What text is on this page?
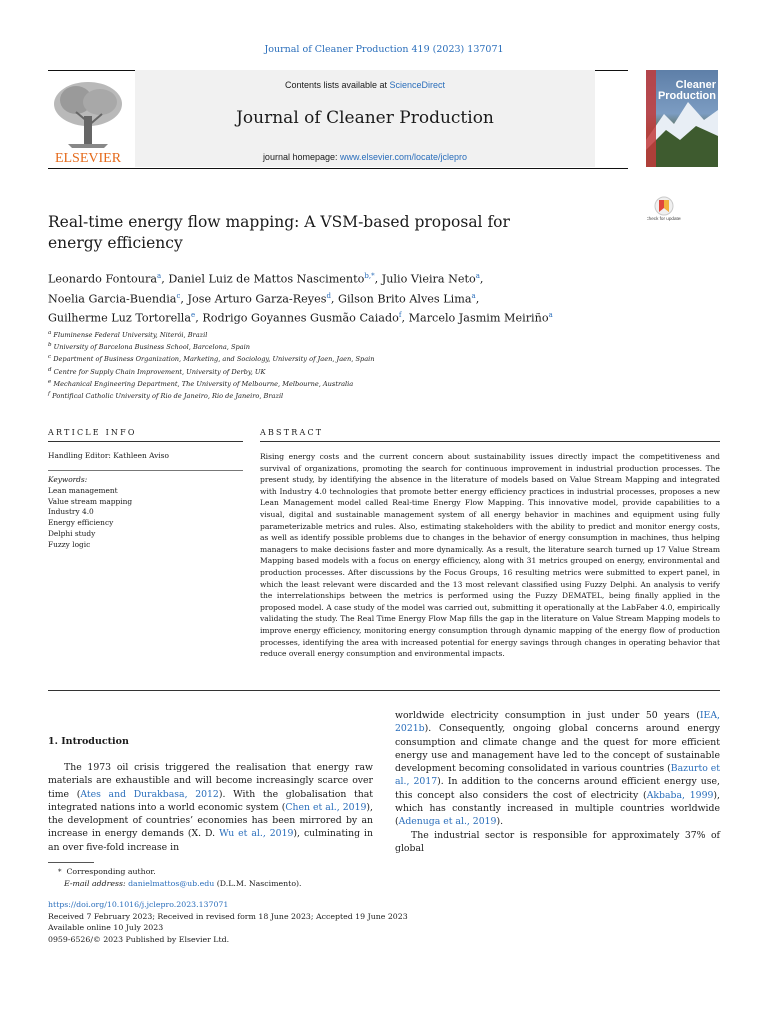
Journal of Cleaner Production 419 (2023) 137071
ELSEVIER
Contents lists available at ScienceDirect
Journal of Cleaner Production
journal homepage: www.elsevier.com/locate/jclepro
Cleaner Production
Check for updates
Real-time energy flow mapping: A VSM-based proposal for energy efficiency
Leonardo Fontoura$^a$, Daniel Luiz de Mattos Nascimento$^{b,*}$, Julio Vieira Neto$^a$,
Noelia Garcia-Buendia$^c$, Jose Arturo Garza-Reyes$^d$, Gilson Brito Alves Lima$^a$,
Guilherme Luz Tortorella$^e$, Rodrigo Goyannes Gusmão Caiado$^f$, Marcelo Jasmim Meiriño$^a$
$^a$ Fluminense Federal University, Niterói, Brazil
$^b$ University of Barcelona Business School, Barcelona, Spain
$^c$ Department of Business Organization, Marketing, and Sociology, University of Jaen, Jaen, Spain
$^d$ Centre for Supply Chain Improvement, University of Derby, UK
$^e$ Mechanical Engineering Department, The University of Melbourne, Melbourne, Australia
$^f$ Pontifical Catholic University of Rio de Janeiro, Rio de Janeiro, Brazil
ARTICLE INFO	ABSTRACT
Handling Editor: Kathleen Aviso
Keywords:
Lean management
Value stream mapping
Industry 4.0
Energy efficiency
Delphi study
Fuzzy logic
Rising energy costs and the current concern about sustainability issues directly impact the competitiveness and survival of organizations, promoting the search for continuous improvement in industrial production processes. The present study, by identifying the absence in the literature of models based on Value Stream Mapping and integrated with Industry 4.0 technologies that promote better energy efficiency practices in industrial processes, proposes a new Lean Management model called Real-time Energy Flow Mapping. This innovative model, provide capabilities to a visual, digital and sustainable management system of all energy behavior in machines and equipment using fully parameterizable metrics and rules. Also, estimating stakeholders with the ability to predict and monitor energy costs, as well as identify possible problems due to changes in the behavior of energy consumption in machines, thus helping managers to make decisions faster and more dynamically. As a result, the literature search turned up 17 Value Stream Mapping based models with a focus on energy efficiency, along with 31 metrics grouped on energy, environmental and production processes. After discussions by the Focus Groups, 16 resulting metrics were submitted to expert panel, in which the least relevant were discarded and the 13 most relevant classified using Fuzzy Delphi. An analysis to verify the interrelationships between the metrics is performed using the Fuzzy DEMATEL, being finally applied in the proposed model. A case study of the model was carried out, submitting it operationally at the LabFaber 4.0, empirically validating the study. The Real Time Energy Flow Map fills the gap in the literature on Value Stream Mapping models to improve energy efficiency, monitoring energy consumption through dynamic mapping of the energy flow of production processes, identifying the area with increased potential for energy savings through changes in operating behavior that reduce overall energy consumption and environmental impacts.
1. Introduction

The 1973 oil crisis triggered the realisation that energy raw materials are exhaustible and will become increasingly scarce over time (Ates and Durakbasa, 2012). With the globalisation that integrated nations into a world economic system (Chen et al., 2019), the development of countries’ economies has been mirrored by an increase in energy demands (X. D. Wu et al., 2019), culminating in an over five-fold increase in

worldwide electricity consumption in just under 50 years (IEA, 2021b). Consequently, ongoing global concerns around energy consumption and climate change and the quest for more efficient energy use and management have led to the concept of sustainable development becoming consolidated in various countries (Bazurto et al., 2017). In addition to the concerns around efficient energy use, this concept also considers the cost of electricity (Akbaba, 1999), which has constantly increased in multiple countries worldwide (Adenuga et al., 2019).

The industrial sector is responsible for approximately 37% of global

* Corresponding author.
E-mail address: danielmattos@ub.edu (D.L.M. Nascimento).
https://doi.org/10.1016/j.jclepro.2023.137071
Received 7 February 2023; Received in revised form 18 June 2023; Accepted 19 June 2023
Available online 10 July 2023
0959-6526/© 2023 Published by Elsevier Ltd.
